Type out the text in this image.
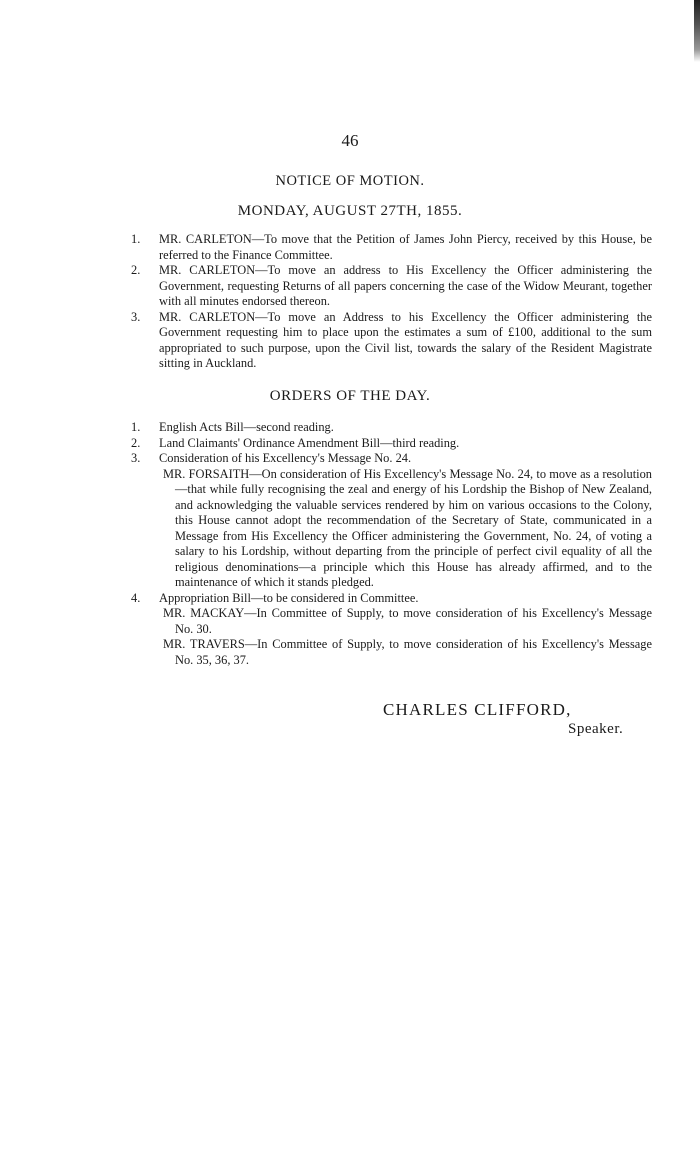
46
NOTICE OF MOTION.
MONDAY, AUGUST 27TH, 1855.
1.	MR. CARLETON—To move that the Petition of James John Piercy, received by this House, be referred to the Finance Committee.
2.	MR. CARLETON—To move an address to His Excellency the Officer administering the Government, requesting Returns of all papers concerning the case of the Widow Meurant, together with all minutes endorsed thereon.
3.	MR. CARLETON—To move an Address to his Excellency the Officer administering the Government requesting him to place upon the estimates a sum of £100, additional to the sum appropriated to such purpose, upon the Civil list, towards the salary of the Resident Magistrate sitting in Auckland.
ORDERS OF THE DAY.
1.	English Acts Bill—second reading.
2.	Land Claimants' Ordinance Amendment Bill—third reading.
3.	Consideration of his Excellency's Message No. 24.
MR. FORSAITH—On consideration of His Excellency's Message No. 24, to move as a resolution—that while fully recognising the zeal and energy of his Lordship the Bishop of New Zealand, and acknowledging the valuable services rendered by him on various occasions to the Colony, this House cannot adopt the recommendation of the Secretary of State, communicated in a Message from His Excellency the Officer administering the Government, No. 24, of voting a salary to his Lordship, without departing from the principle of perfect civil equality of all the religious denominations—a principle which this House has already affirmed, and to the maintenance of which it stands pledged.
4.	Appropriation Bill—to be considered in Committee.
MR. MACKAY—In Committee of Supply, to move consideration of his Excellency's Message No. 30.
MR. TRAVERS—In Committee of Supply, to move consideration of his Excellency's Message No. 35, 36, 37.
CHARLES CLIFFORD,
Speaker.
